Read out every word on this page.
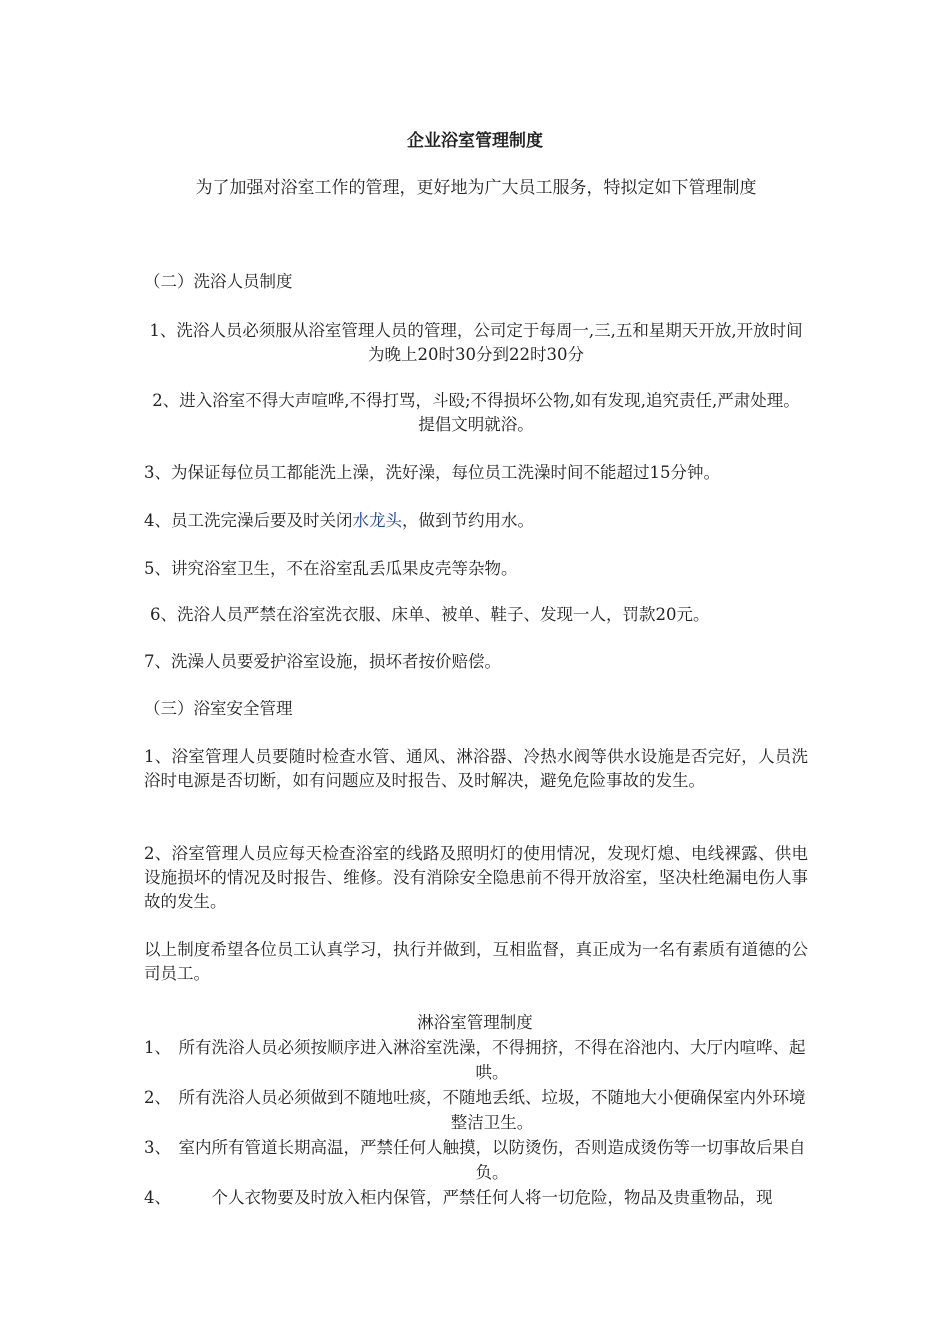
企业浴室管理制度

为了加强对浴室工作的管理，更好地为广大员工服务，特拟定如下管理制度

（二）洗浴人员制度

1、洗浴人员必须服从浴室管理人员的管理，公司定于每周一,三,五和星期天开放,开放时间为晚上20时30分到22时30分

2、进入浴室不得大声喧哗,不得打骂，斗殴;不得损坏公物,如有发现,追究责任,严肃处理。提倡文明就浴。

3、为保证每位员工都能洗上澡，洗好澡，每位员工洗澡时间不能超过15分钟。

4、员工洗完澡后要及时关闭水龙头，做到节约用水。

5、讲究浴室卫生，不在浴室乱丢瓜果皮壳等杂物。

6、洗浴人员严禁在浴室洗衣服、床单、被单、鞋子、发现一人，罚款20元。

7、洗澡人员要爱护浴室设施，损坏者按价赔偿。

（三）浴室安全管理

1、浴室管理人员要随时检查水管、通风、淋浴器、冷热水阀等供水设施是否完好，人员洗浴时电源是否切断，如有问题应及时报告、及时解决，避免危险事故的发生。

2、浴室管理人员应每天检查浴室的线路及照明灯的使用情况，发现灯熄、电线裸露、供电设施损坏的情况及时报告、维修。没有消除安全隐患前不得开放浴室，坚决杜绝漏电伤人事故的发生。

以上制度希望各位员工认真学习，执行并做到，互相监督，真正成为一名有素质有道德的公司员工。

淋浴室管理制度

1、 所有洗浴人员必须按顺序进入淋浴室洗澡，不得拥挤，不得在浴池内、大厅内喧哗、起哄。
2、 所有洗浴人员必须做到不随地吐痰，不随地丢纸、垃圾，不随地大小便确保室内外环境整洁卫生。
3、 室内所有管道长期高温，严禁任何人触摸，以防烫伤，否则造成烫伤等一切事故后果自负。
4、	个人衣物要及时放入柜内保管，严禁任何人将一切危险，物品及贵重物品，现
